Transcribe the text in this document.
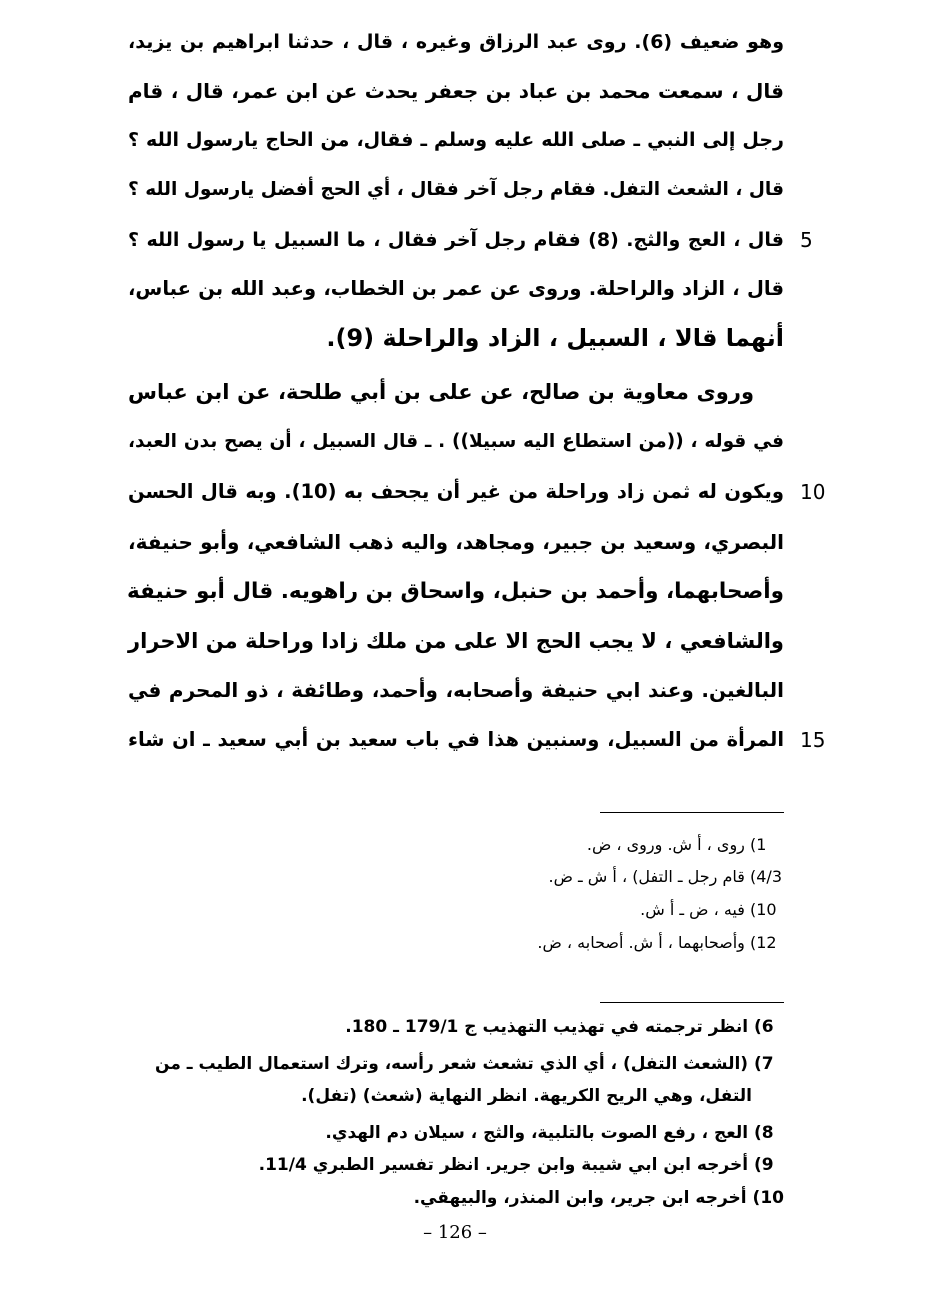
وهو ضعيف (6). روى عبد الرزاق وغيره ، قال ، حدثنا ابراهيم بن يزيد،
قال ، سمعت محمد بن عباد بن جعفر يحدث عن ابن عمر، قال ، قام
رجل إلى النبي ـ صلى الله عليه وسلم ـ فقال، من الحاج يارسول الله ؟
قال ، الشعث التفل. فقام رجل آخر فقال ، أي الحج أفضل يارسول الله ؟
قال ، العج والثج. (8) فقام رجل آخر فقال ، ما السبيل يا رسول الله ؟ 5
قال ، الزاد والراحلة. وروى عن عمر بن الخطاب، وعبد الله بن عباس،
أنهما قالا ، السبيل ، الزاد والراحلة (9).
وروى معاوية بن صالح، عن على بن أبي طلحة، عن ابن عباس
في قوله ، ((من استطاع اليه سبيلا)) . ـ قال السبيل ، أن يصح بدن العبد،
ويكون له ثمن زاد وراحلة من غير أن يجحف به (10). وبه قال الحسن 10
البصري، وسعيد بن جبير، ومجاهد، واليه ذهب الشافعي، وأبو حنيفة،
وأصحابهما، وأحمد بن حنبل، واسحاق بن راهويه. قال أبو حنيفة
والشافعي ، لا يجب الحج الا على من ملك زادا وراحلة من الاحرار
البالغين. وعند ابي حنيفة وأصحابه، وأحمد، وطائفة ، ذو المحرم في
المرأة من السبيل، وسنبين هذا في باب سعيد بن أبي سعيد ـ ان شاء 15
1) روى ، أ ش. وروى ، ض.
4/3) قام رجل ـ التفل) ، أ ش ـ ض.
10) فيه ، ض ـ أ ش.
12) وأصحابهما ، أ ش. أصحابه ، ض.
6) انظر ترجمته في تهذيب التهذيب ج 179/1 ـ 180.
7) (الشعث التفل) ، أي الذي تشعث شعر رأسه، وترك استعمال الطيب ـ من
التفل، وهي الريح الكريهة. انظر النهاية (شعث) (تفل).
8) العج ، رفع الصوت بالتلبية، والثج ، سيلان دم الهدي.
9) أخرجه ابن ابي شيبة وابن جرير. انظر تفسير الطبري 11/4.
10) أخرجه ابن جرير، وابن المنذر، والبيهقي.
– 126 –
